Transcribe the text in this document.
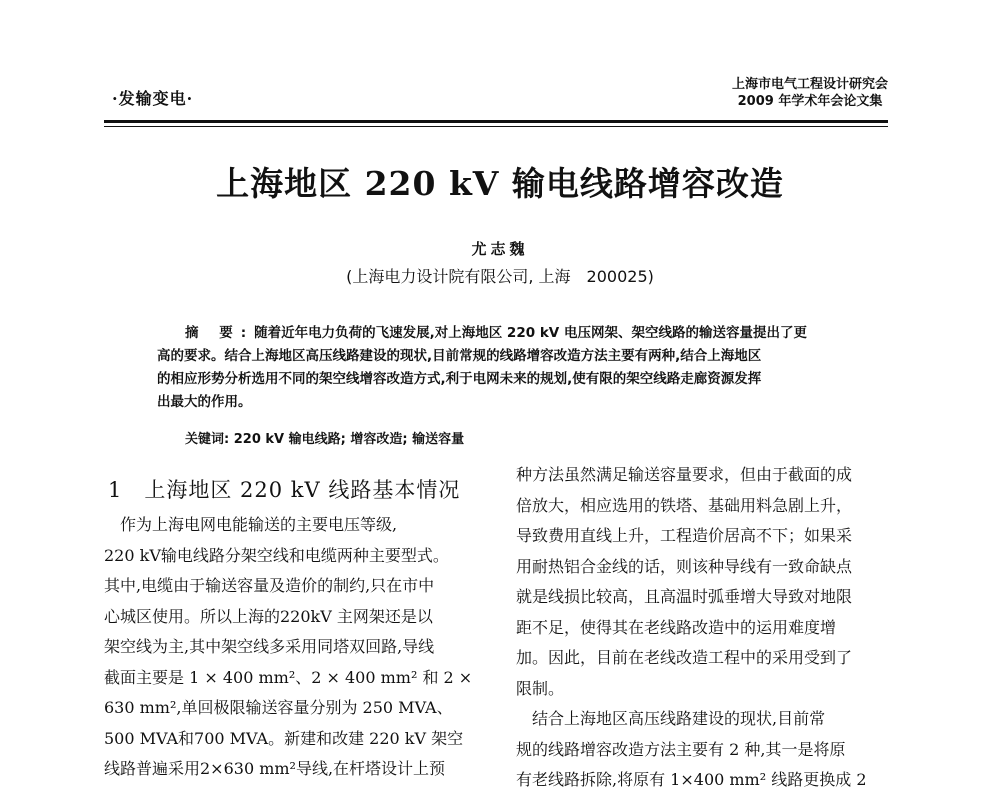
·发输变电·
上海市电气工程设计研究会
2009 年学术年会论文集
上海地区 220 kV 输电线路增容改造
尤志魏
(上海电力设计院有限公司, 上海　200025)
摘 要:随着近年电力负荷的飞速发展,对上海地区 220 kV 电压网架、架空线路的输送容量提出了更
高的要求。结合上海地区高压线路建设的现状,目前常规的线路增容改造方法主要有两种,结合上海地区
的相应形势分析选用不同的架空线增容改造方式,利于电网未来的规划,使有限的架空线路走廊资源发挥
出最大的作用。
关键词: 220 kV 输电线路; 增容改造; 输送容量
1 上海地区 220 kV 线路基本情况
　作为上海电网电能输送的主要电压等级,
220 kV输电线路分架空线和电缆两种主要型式。
其中,电缆由于输送容量及造价的制约,只在市中
心城区使用。所以上海的220kV 主网架还是以
架空线为主,其中架空线多采用同塔双回路,导线
截面主要是 1 × 400 mm²、2 × 400 mm² 和 2 ×
630 mm²,单回极限输送容量分别为 250 MVA、
500 MVA和700 MVA。新建和改建 220 kV 架空
线路普遍采用2×630 mm²导线,在杆塔设计上预
种方法虽然满足输送容量要求，但由于截面的成
倍放大，相应选用的铁塔、基础用料急剧上升，
导致费用直线上升，工程造价居高不下；如果采
用耐热铝合金线的话，则该种导线有一致命缺点
就是线损比较高，且高温时弧垂增大导致对地限
距不足，使得其在老线路改造中的运用难度增
加。因此，目前在老线改造工程中的采用受到了
限制。
　结合上海地区高压线路建设的现状,目前常
规的线路增容改造方法主要有 2 种,其一是将原
有老线路拆除,将原有 1×400 mm² 线路更换成 2
